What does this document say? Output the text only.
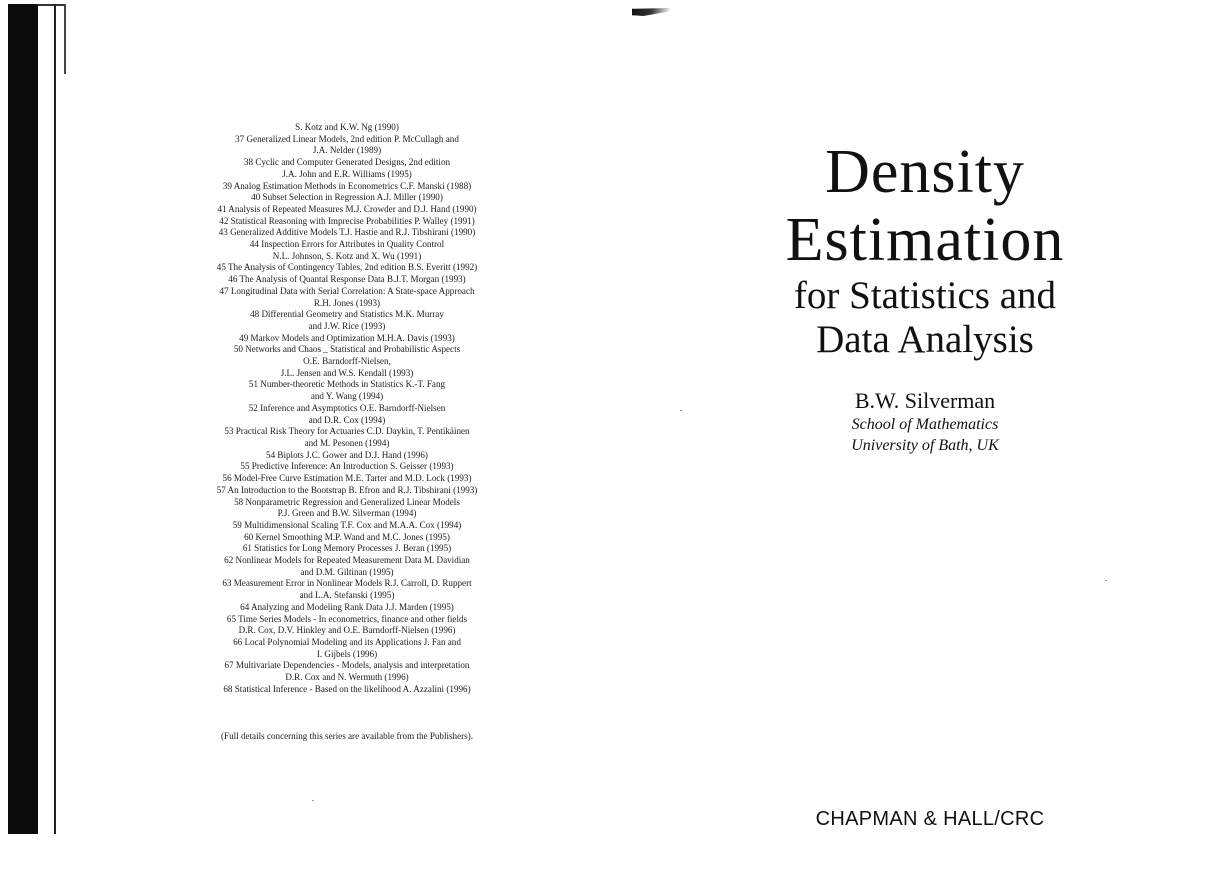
S. Kotz and K.W. Ng (1990)
37 Generalized Linear Models, 2nd edition P. McCullagh and
J.A. Nelder (1989)
38 Cyclic and Computer Generated Designs, 2nd edition
J.A. John and E.R. Williams (1995)
39 Analog Estimation Methods in Econometrics C.F. Manski (1988)
40 Subset Selection in Regression A.J. Miller (1990)
41 Analysis of Repeated Measures M.J. Crowder and D.J. Hand (1990)
42 Statistical Reasoning with Imprecise Probabilities P. Walley (1991)
43 Generalized Additive Models T.J. Hastie and R.J. Tibshirani (1990)
44 Inspection Errors for Attributes in Quality Control
N.L. Johnson, S. Kotz and X. Wu (1991)
45 The Analysis of Contingency Tables, 2nd edition B.S. Everitt (1992)
46 The Analysis of Quantal Response Data B.J.T. Morgan (1993)
47 Longitudinal Data with Serial Correlation: A State-space Approach
R.H. Jones (1993)
48 Differential Geometry and Statistics M.K. Murray
and J.W. Rice (1993)
49 Markov Models and Optimization M.H.A. Davis (1993)
50 Networks and Chaos _ Statistical and Probabilistic Aspects
O.E. Barndorff-Nielsen,
J.L. Jensen and W.S. Kendall (1993)
51 Number-theoretic Methods in Statistics K.-T. Fang
and Y. Wang (1994)
52 Inference and Asymptotics O.E. Barndorff-Nielsen
and D.R. Cox (1994)
53 Practical Risk Theory for Actuaries C.D. Daykin, T. Pentikäinen
and M. Pesonen (1994)
54 Biplots J.C. Gower and D.J. Hand (1996)
55 Predictive Inference: An Introduction S. Geisser (1993)
56 Model-Free Curve Estimation M.E. Tarter and M.D. Lock (1993)
57 An Introduction to the Bootstrap B. Efron and R.J. Tibshirani (1993)
58 Nonparametric Regression and Generalized Linear Models
P.J. Green and B.W. Silverman (1994)
59 Multidimensional Scaling T.F. Cox and M.A.A. Cox (1994)
60 Kernel Smoothing M.P. Wand and M.C. Jones (1995)
61 Statistics for Long Memory Processes J. Beran (1995)
62 Nonlinear Models for Repeated Measurement Data M. Davidian
and D.M. Giltinan (1995)
63 Measurement Error in Nonlinear Models R.J. Carroll, D. Ruppert
and L.A. Stefanski (1995)
64 Analyzing and Modeling Rank Data J.J. Marden (1995)
65 Time Series Models - In econometrics, finance and other fields
D.R. Cox, D.V. Hinkley and O.E. Barndorff-Nielsen (1996)
66 Local Polynomial Modeling and its Applications J. Fan and
I. Gijbels (1996)
67 Multivariate Dependencies - Models, analysis and interpretation
D.R. Cox and N. Wermuth (1996)
68 Statistical Inference - Based on the likelihood A. Azzalini (1996)
(Full details concerning this series are available from the Publishers).
Density
Estimation
for Statistics and
Data Analysis
B.W. Silverman
School of Mathematics
University of Bath, UK
CHAPMAN & HALL/CRC
